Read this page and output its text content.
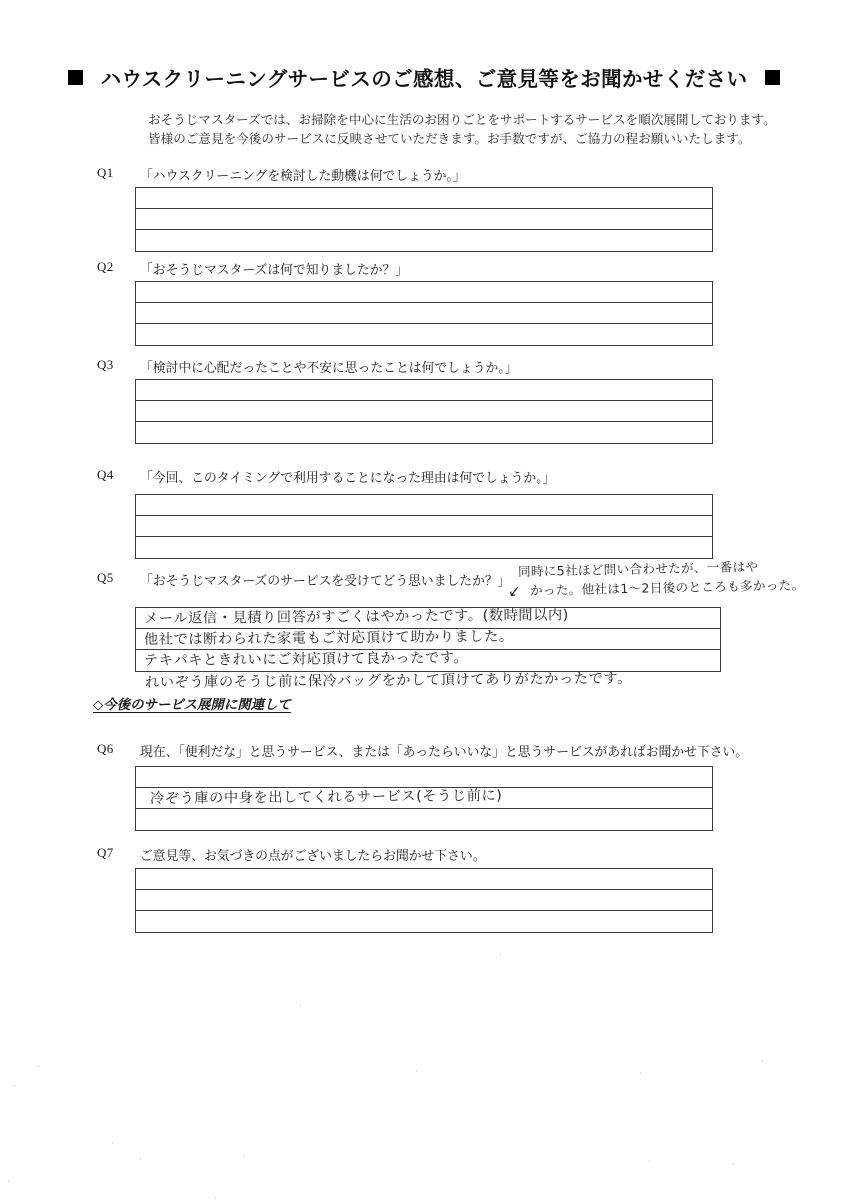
ハウスクリーニングサービスのご感想、ご意見等をお聞かせください
おそうじマスターズでは、お掃除を中心に生活のお困りごとをサポートするサービスを順次展開しております。
皆様のご意見を今後のサービスに反映させていただきます。お手数ですが、ご協力の程お願いいたします。
Q1 「ハウスクリーニングを検討した動機は何でしょうか。」
Q2 「おそうじマスターズは何で知りましたか？」
Q3 「検討中に心配だったことや不安に思ったことは何でしょうか。」
Q4 「今回、このタイミングで利用することになった理由は何でしょうか。」
Q5 「おそうじマスターズのサービスを受けてどう思いましたか？」
同時に5社ほど問い合わせたが、一番はや
かった。他社は1～2日後のところも多かった。
↙
メール返信・見積り回答がすごくはやかったです。(数時間以内)
他社では断わられた家電もご対応頂けて助かりました。
テキパキときれいにご対応頂けて良かったです。
れいぞう庫のそうじ前に保冷バッグをかして頂けてありがたかったです。
◇今後のサービス展開に関連して
Q6 現在、「便利だな」と思うサービス、または「あったらいいな」と思うサービスがあればお聞かせ下さい。
冷ぞう庫の中身を出してくれるサービス(そうじ前に)
Q7 ご意見等、お気づきの点がございましたらお聞かせ下さい。
